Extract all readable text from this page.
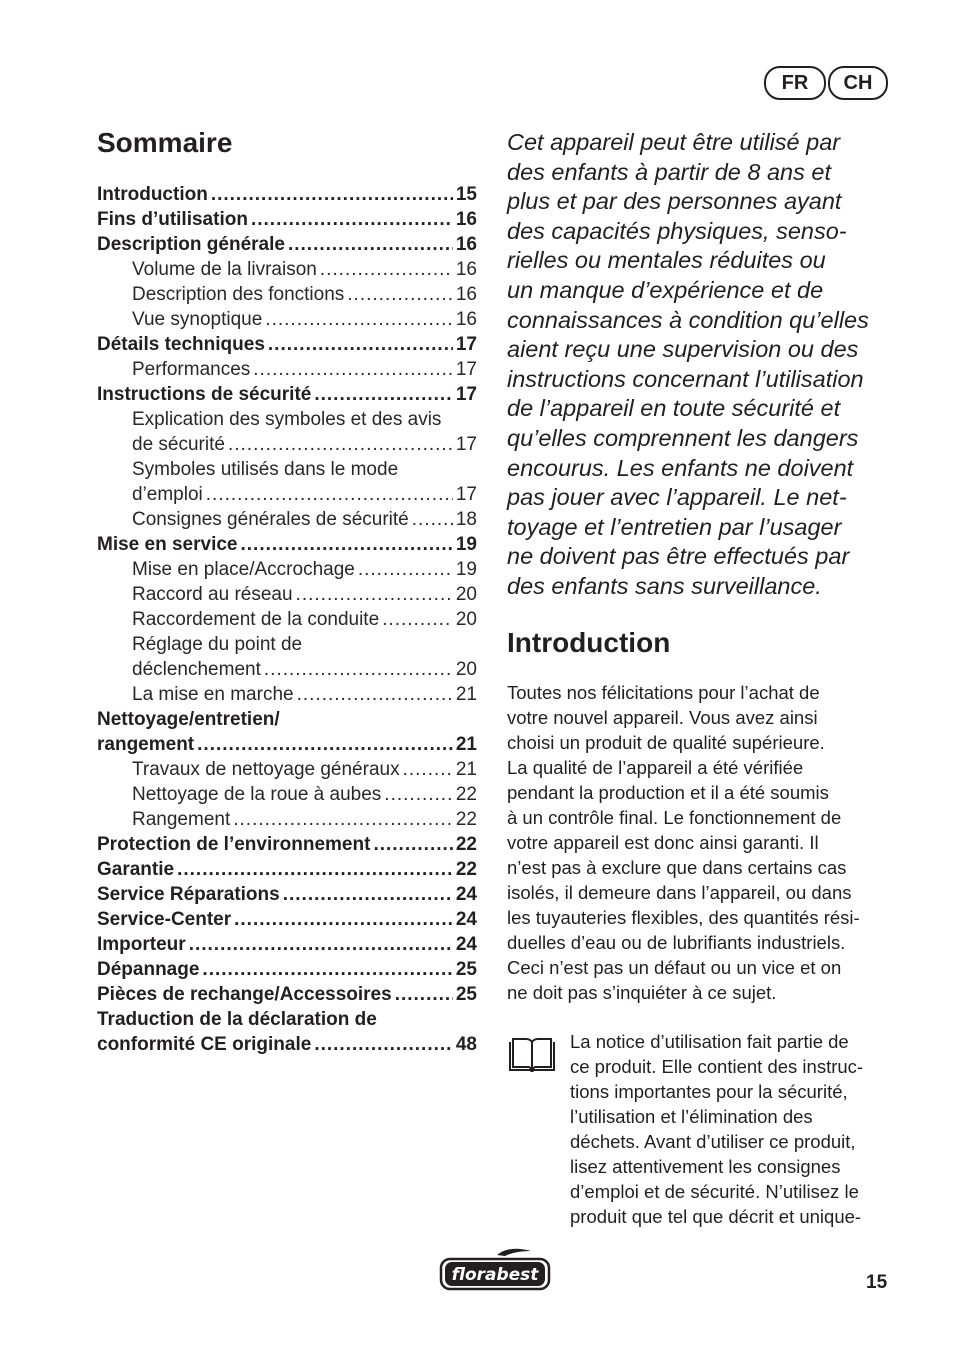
FR	CH
Sommaire
Introduction .....	15
Fins d’utilisation .....	16
Description générale .....	16
Volume de la livraison .....	16
Description des fonctions .....	16
Vue synoptique .....	16
Détails techniques .....	17
Performances .....	17
Instructions de sécurité .....	17
Explication des symboles et des avis
de sécurité .....	17
Symboles utilisés dans le mode
d’emploi .....	17
Consignes générales de sécurité ..... 18
Mise en service .....	19
Mise en place/Accrochage .....	19
Raccord au réseau .....	20
Raccordement de la conduite .....	20
Réglage du point de
déclenchement .....	20
La mise en marche .....	21
Nettoyage/entretien/
rangement .....	21
Travaux de nettoyage généraux .....	21
Nettoyage de la roue à aubes .....	22
Rangement .....	22
Protection de l’environnement .....	22
Garantie .....	22
Service Réparations .....	24
Service-Center .....	24
Importeur .....	24
Dépannage .....	25
Pièces de rechange/Accessoires .....	25
Traduction de la déclaration de
conformité CE originale .....	48
Cet appareil peut être utilisé par
des enfants à partir de 8 ans et
plus et par des personnes ayant
des capacités physiques, senso-
rielles ou mentales réduites ou
un manque d’expérience et de
connaissances à condition qu’elles
aient reçu une supervision ou des
instructions concernant l’utilisation
de l’appareil en toute sécurité et
qu’elles comprennent les dangers
encourus. Les enfants ne doivent
pas jouer avec l’appareil. Le net-
toyage et l’entretien par l’usager
ne doivent pas être effectués par
des enfants sans surveillance.
Introduction
Toutes nos félicitations pour l’achat de
votre nouvel appareil. Vous avez ainsi
choisi un produit de qualité supérieure.
La qualité de l’appareil a été vérifiée
pendant la production et il a été soumis
à un contrôle final. Le fonctionnement de
votre appareil est donc ainsi garanti. Il
n’est pas à exclure que dans certains cas
isolés, il demeure dans l’appareil, ou dans
les tuyauteries flexibles, des quantités rési-
duelles d’eau ou de lubrifiants industriels.
Ceci n’est pas un défaut ou un vice et on
ne doit pas s’inquiéter à ce sujet.
La notice d’utilisation fait partie de
ce produit. Elle contient des instruc-
tions importantes pour la sécurité,
l’utilisation et l’élimination des
déchets. Avant d’utiliser ce produit,
lisez attentivement les consignes
d’emploi et de sécurité. N’utilisez le
produit que tel que décrit et unique-
florabest	15
